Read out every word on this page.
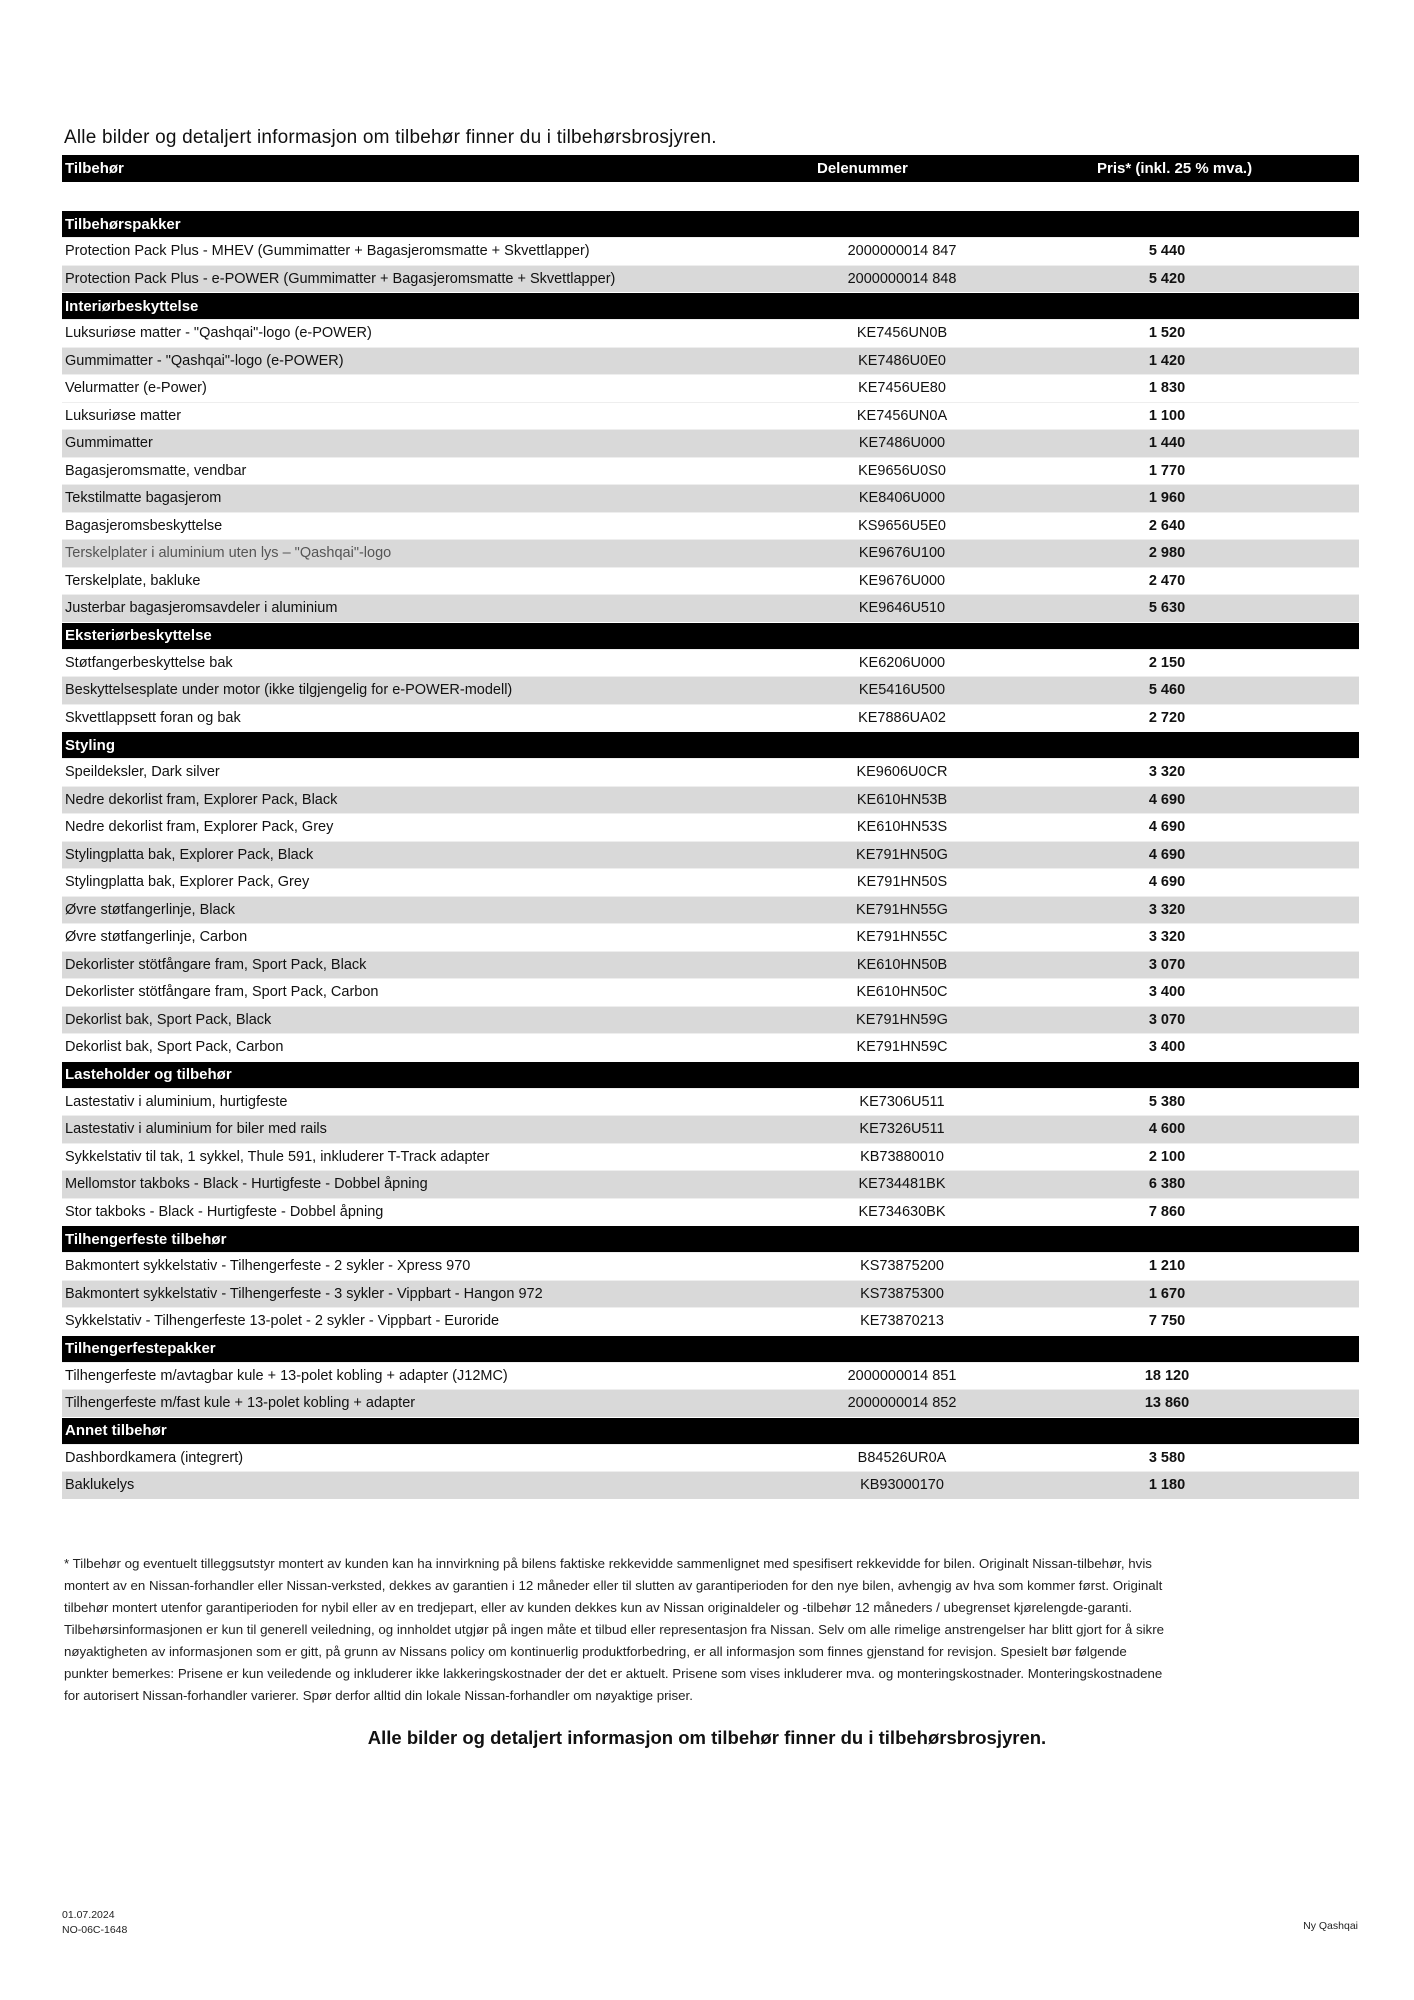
Alle bilder og detaljert informasjon om tilbehør finner du i tilbehørsbrosjyren.
Tilbehør	Delenummer	Pris* (inkl. 25 % mva.)
Tilbehørspakker
Protection Pack Plus - MHEV (Gummimatter + Bagasjeromsmatte + Skvettlapper)	2000000014 847	5 440
Protection Pack Plus - e-POWER (Gummimatter + Bagasjeromsmatte + Skvettlapper)	2000000014 848	5 420
Interiørbeskyttelse
Luksuriøse matter - "Qashqai"-logo (e-POWER)	KE7456UN0B	1 520
Gummimatter - "Qashqai"-logo (e-POWER)	KE7486U0E0	1 420
Velurmatter (e-Power)	KE7456UE80	1 830
Luksuriøse matter	KE7456UN0A	1 100
Gummimatter	KE7486U000	1 440
Bagasjeromsmatte, vendbar	KE9656U0S0	1 770
Tekstilmatte bagasjerom	KE8406U000	1 960
Bagasjeromsbeskyttelse	KS9656U5E0	2 640
Terskelplater i aluminium uten lys – "Qashqai"-logo	KE9676U100	2 980
Terskelplate, bakluke	KE9676U000	2 470
Justerbar bagasjeromsavdeler i aluminium	KE9646U510	5 630
Eksteriørbeskyttelse
Støtfangerbeskyttelse bak	KE6206U000	2 150
Beskyttelsesplate under motor (ikke tilgjengelig for e-POWER-modell)	KE5416U500	5 460
Skvettlappsett foran og bak	KE7886UA02	2 720
Styling
Speildeksler, Dark silver	KE9606U0CR	3 320
Nedre dekorlist fram, Explorer Pack, Black	KE610HN53B	4 690
Nedre dekorlist fram, Explorer Pack, Grey	KE610HN53S	4 690
Stylingplatta bak, Explorer Pack, Black	KE791HN50G	4 690
Stylingplatta bak, Explorer Pack, Grey	KE791HN50S	4 690
Øvre støtfangerlinje, Black	KE791HN55G	3 320
Øvre støtfangerlinje, Carbon	KE791HN55C	3 320
Dekorlister stötfångare fram, Sport Pack, Black	KE610HN50B	3 070
Dekorlister stötfångare fram, Sport Pack, Carbon	KE610HN50C	3 400
Dekorlist bak, Sport Pack, Black	KE791HN59G	3 070
Dekorlist bak, Sport Pack, Carbon	KE791HN59C	3 400
Lasteholder og tilbehør
Lastestativ i aluminium, hurtigfeste	KE7306U511	5 380
Lastestativ i aluminium for biler med rails	KE7326U511	4 600
Sykkelstativ til tak, 1 sykkel, Thule 591, inkluderer T-Track adapter	KB73880010	2 100
Mellomstor takboks - Black - Hurtigfeste - Dobbel åpning	KE734481BK	6 380
Stor takboks - Black - Hurtigfeste - Dobbel åpning	KE734630BK	7 860
Tilhengerfeste tilbehør
Bakmontert sykkelstativ - Tilhengerfeste - 2 sykler - Xpress 970	KS73875200	1 210
Bakmontert sykkelstativ - Tilhengerfeste - 3 sykler - Vippbart - Hangon 972	KS73875300	1 670
Sykkelstativ - Tilhengerfeste 13-polet - 2 sykler - Vippbart - Euroride	KE73870213	7 750
Tilhengerfestepakker
Tilhengerfeste m/avtagbar kule + 13-polet kobling + adapter (J12MC)	2000000014 851	18 120
Tilhengerfeste m/fast kule + 13-polet kobling + adapter	2000000014 852	13 860
Annet tilbehør
Dashbordkamera (integrert)	B84526UR0A	3 580
Baklukelys	KB93000170	1 180

* Tilbehør og eventuelt tilleggsutstyr montert av kunden kan ha innvirkning på bilens faktiske rekkevidde sammenlignet med spesifisert rekkevidde for bilen. Originalt Nissan-tilbehør, hvis

montert av en Nissan-forhandler eller Nissan-verksted, dekkes av garantien i 12 måneder eller til slutten av garantiperioden for den nye bilen, avhengig av hva som kommer først. Originalt

tilbehør montert utenfor garantiperioden for nybil eller av en tredjepart, eller av kunden dekkes kun av Nissan originaldeler og -tilbehør 12 måneders / ubegrenset kjørelengde-garanti.

Tilbehørsinformasjonen er kun til generell veiledning, og innholdet utgjør på ingen måte et tilbud eller representasjon fra Nissan. Selv om alle rimelige anstrengelser har blitt gjort for å sikre

nøyaktigheten av informasjonen som er gitt, på grunn av Nissans policy om kontinuerlig produktforbedring, er all informasjon som finnes gjenstand for revisjon. Spesielt bør følgende

punkter bemerkes: Prisene er kun veiledende og inkluderer ikke lakkeringskostnader der det er aktuelt. Prisene som vises inkluderer mva. og monteringskostnader. Monteringskostnadene

for autorisert Nissan-forhandler varierer. Spør derfor alltid din lokale Nissan-forhandler om nøyaktige priser.

Alle bilder og detaljert informasjon om tilbehør finner du i tilbehørsbrosjyren.
01.07.2024
NO-06C-1648	Ny Qashqai
